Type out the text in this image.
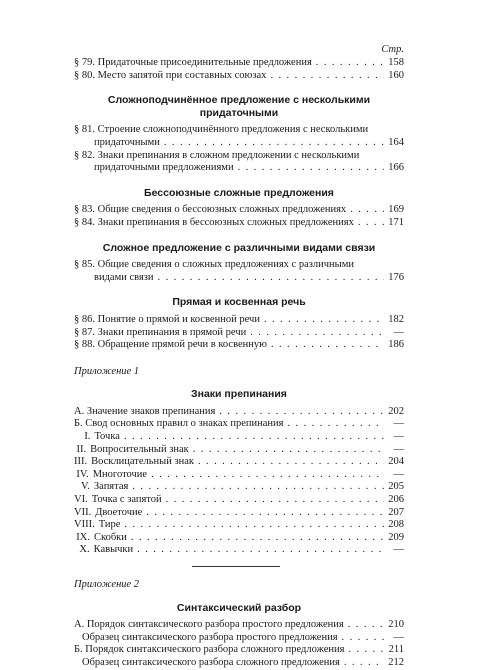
Стр.
§ 79. Придаточные присоединительные предложения . . .	158
§ 80. Место запятой при составных союзах . . .	160
Сложноподчинённое предложение с несколькими придаточными
§ 81. Строение сложноподчинённого предложения с несколькими
придаточными . . .	164
§ 82. Знаки препинания в сложном предложении с несколькими
придаточными предложениями . . .	166
Бессоюзные сложные предложения
§ 83. Общие сведения о бессоюзных сложных предложениях . . .	169
§ 84. Знаки препинания в бессоюзных сложных предложениях . . .	171
Сложное предложение с различными видами связи
§ 85. Общие сведения о сложных предложениях с различными
видами связи . . .	176
Прямая и косвенная речь
§ 86. Понятие о прямой и косвенной речи . . .	182
§ 87. Знаки препинания в прямой речи . . .	—
§ 88. Обращение прямой речи в косвенную . . .	186
Приложение 1
Знаки препинания
А. Значение знаков препинания . . .	202
Б. Свод основных правил о знаках препинания . . .	—
I. Точка . . .	—
II. Вопросительный знак . . .	—
III. Восклицательный знак . . .	204
IV. Многоточие . . .	—
V. Запятая . . .	205
VI. Точка с запятой . . .	206
VII. Двоеточие . . .	207
VIII. Тире . . .	208
IX. Скобки . . .	209
X. Кавычки . . .	—
Приложение 2
Синтаксический разбор
А. Порядок синтаксического разбора простого предложения . . .	210
Образец синтаксического разбора простого предложения . . .	—
Б. Порядок синтаксического разбора сложного предложения . . .	211
Образец синтаксического разбора сложного предложения . . .	212
